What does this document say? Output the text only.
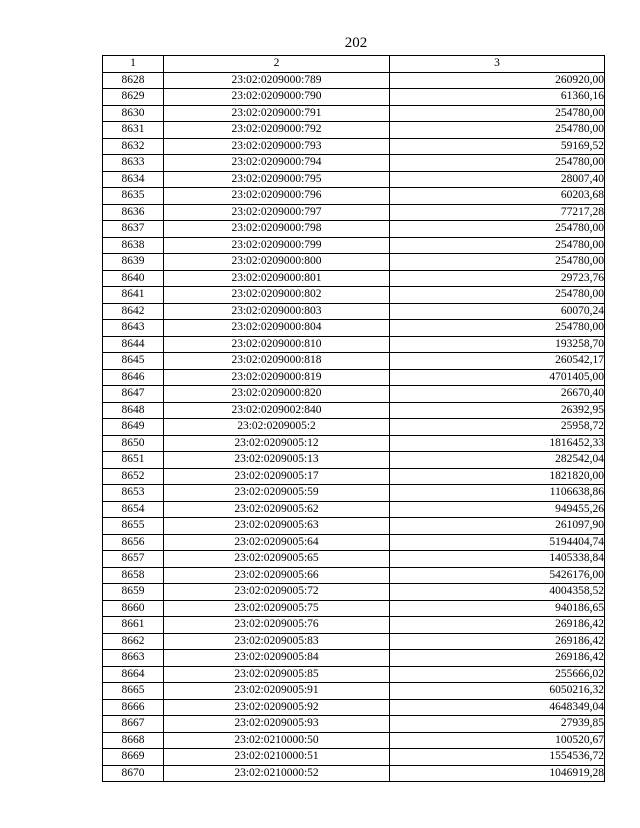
202
1	2	3
8628	23:02:0209000:789	260920,00
8629	23:02:0209000:790	61360,16
8630	23:02:0209000:791	254780,00
8631	23:02:0209000:792	254780,00
8632	23:02:0209000:793	59169,52
8633	23:02:0209000:794	254780,00
8634	23:02:0209000:795	28007,40
8635	23:02:0209000:796	60203,68
8636	23:02:0209000:797	77217,28
8637	23:02:0209000:798	254780,00
8638	23:02:0209000:799	254780,00
8639	23:02:0209000:800	254780,00
8640	23:02:0209000:801	29723,76
8641	23:02:0209000:802	254780,00
8642	23:02:0209000:803	60070,24
8643	23:02:0209000:804	254780,00
8644	23:02:0209000:810	193258,70
8645	23:02:0209000:818	260542,17
8646	23:02:0209000:819	4701405,00
8647	23:02:0209000:820	26670,40
8648	23:02:0209002:840	26392,95
8649	23:02:0209005:2	25958,72
8650	23:02:0209005:12	1816452,33
8651	23:02:0209005:13	282542,04
8652	23:02:0209005:17	1821820,00
8653	23:02:0209005:59	1106638,86
8654	23:02:0209005:62	949455,26
8655	23:02:0209005:63	261097,90
8656	23:02:0209005:64	5194404,74
8657	23:02:0209005:65	1405338,84
8658	23:02:0209005:66	5426176,00
8659	23:02:0209005:72	4004358,52
8660	23:02:0209005:75	940186,65
8661	23:02:0209005:76	269186,42
8662	23:02:0209005:83	269186,42
8663	23:02:0209005:84	269186,42
8664	23:02:0209005:85	255666,02
8665	23:02:0209005:91	6050216,32
8666	23:02:0209005:92	4648349,04
8667	23:02:0209005:93	27939,85
8668	23:02:0210000:50	100520,67
8669	23:02:0210000:51	1554536,72
8670	23:02:0210000:52	1046919,28
